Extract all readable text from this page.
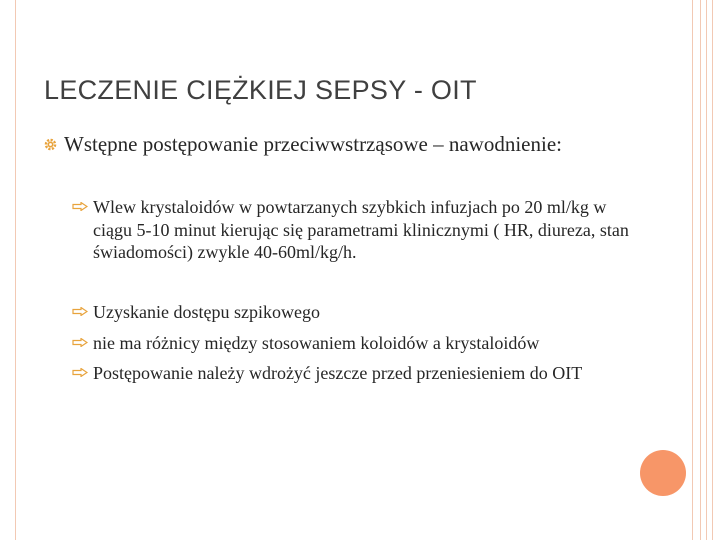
LECZENIE CIĘŻKIEJ SEPSY - OIT
Wstępne postępowanie przeciwwstrząsowe – nawodnienie:
Wlew krystaloidów w powtarzanych szybkich infuzjach po 20 ml/kg w ciągu 5-10 minut kierując się parametrami klinicznymi ( HR, diureza, stan świadomości) zwykle 40-60ml/kg/h.
Uzyskanie dostępu szpikowego
nie ma różnicy między stosowaniem koloidów a krystaloidów
Postępowanie należy wdrożyć jeszcze przed przeniesieniem do OIT
